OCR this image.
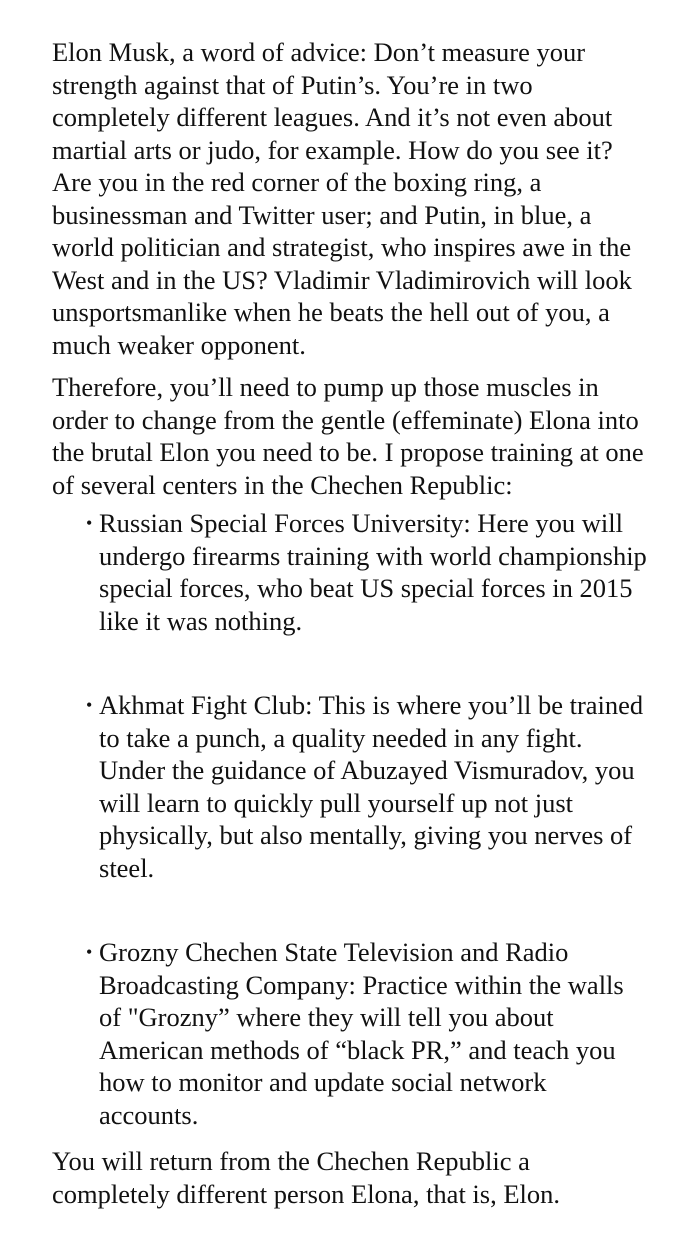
Elon Musk, a word of advice: Don’t measure your strength against that of Putin’s. You’re in two completely different leagues. And it’s not even about martial arts or judo, for example. How do you see it? Are you in the red corner of the boxing ring, a businessman and Twitter user; and Putin, in blue, a world politician and strategist, who inspires awe in the West and in the US? Vladimir Vladimirovich will look unsportsmanlike when he beats the hell out of you, a much weaker opponent.

Therefore, you’ll need to pump up those muscles in order to change from the gentle (effeminate) Elona into the brutal Elon you need to be. I propose training at one of several centers in the Chechen Republic:

• Russian Special Forces University: Here you will undergo firearms training with world championship special forces, who beat US special forces in 2015 like it was nothing.
• Akhmat Fight Club: This is where you’ll be trained to take a punch, a quality needed in any fight. Under the guidance of Abuzayed Vismuradov, you will learn to quickly pull yourself up not just physically, but also mentally, giving you nerves of steel.
• Grozny Chechen State Television and Radio Broadcasting Company: Practice within the walls of "Grozny” where they will tell you about American methods of “black PR,” and teach you how to monitor and update social network accounts.

You will return from the Chechen Republic a completely different person Elona, that is, Elon.
